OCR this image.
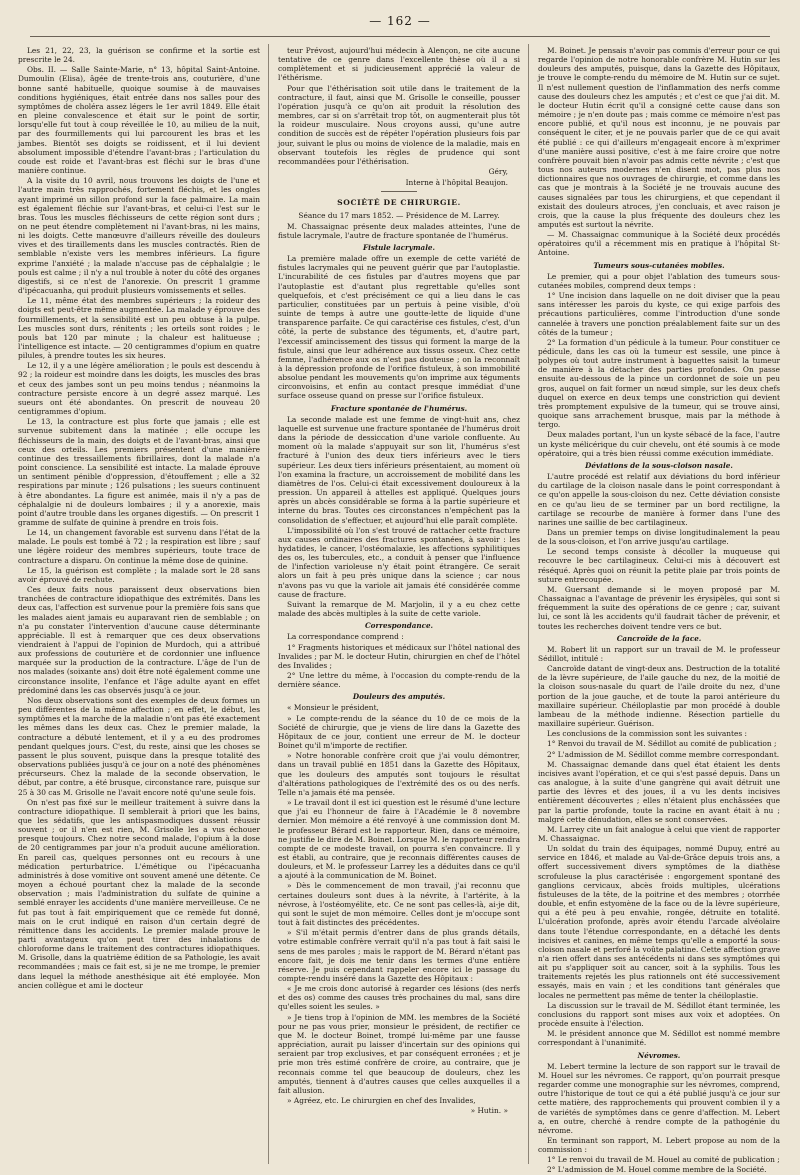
— 162 —

Les 21, 22, 23, la guérison se confirme et la sortie est prescrite le 24.

Obs. II. — Salle Sainte-Marie, n° 13, hôpital Saint-Antoine. Dumoulin (Elisa), âgée de trente-trois ans, couturière, d'une bonne santé habituelle, quoique soumise à de mauvaises conditions hygiéniques, était entrée dans nos salles pour des symptômes de choléra assez légers le 1er avril 1849. Elle était en pleine convalescence et était sur le point de sortir, lorsqu'elle fut tout à coup réveillée le 10, au milieu de la nuit, par des fourmillements qui lui parcourent les bras et les jambes. Bientôt ses doigts se roidissent, et il lui devient absolument impossible d'étendre l'avant-bras ; l'articulation du coude est roide et l'avant-bras est fléchi sur le bras d'une manière continue.

A la visite du 10 avril, nous trouvons les doigts de l'une et l'autre main très rapprochés, fortement fléchis, et les ongles ayant imprimé un sillon profond sur la face palmaire. La main est également fléchie sur l'avant-bras, et celui-ci l'est sur le bras. Tous les muscles fléchisseurs de cette région sont durs ; on ne peut étendre complètement ni l'avant-bras, ni les mains, ni les doigts. Cette manœuvre d'ailleurs réveille des douleurs vives et des tiraillements dans les muscles contractés. Rien de semblable n'existe vers les membres inférieurs. La figure exprime l'anxiété ; la malade n'accuse pas de céphalalgie ; le pouls est calme ; il n'y a nul trouble à noter du côté des organes digestifs, si ce n'est de l'anorexie. On prescrit 1 gramme d'ipécacuanha, qui produit plusieurs vomissements et selles.

Le 11, même état des membres supérieurs ; la roideur des doigts est peut-être même augmentée. La malade y éprouve des fourmillements, et la sensibilité est un peu obtuse à la pulpe. Les muscles sont durs, rénitents ; les orteils sont roides ; le pouls bat 120 par minute ; la chaleur est halitueuse ; l'intelligence est intacte. — 20 centigrammes d'opium en quatre pilules, à prendre toutes les six heures.

Le 12, il y a une légère amélioration ; le pouls est descendu à 92 ; la roideur est moindre dans les doigts, les muscles des bras et ceux des jambes sont un peu moins tendus ; néanmoins la contracture persiste encore à un degré assez marqué. Les sueurs ont été abondantes. On prescrit de nouveau 20 centigrammes d'opium.

Le 13, la contracture est plus forte que jamais ; elle est survenue subitement dans la matinée ; elle occupe les fléchisseurs de la main, des doigts et de l'avant-bras, ainsi que ceux des orteils. Les premiers présentent d'une manière continue des tressaillements fibrillaires, dont la malade n'a point conscience. La sensibilité est intacte. La malade éprouve un sentiment pénible d'oppression, d'étouffement ; elle a 32 respirations par minute ; 126 pulsations ; les sueurs continuent à être abondantes. La figure est animée, mais il n'y a pas de céphalalgie ni de douleurs lombaires ; il y a anorexie, mais point d'autre trouble dans les organes digestifs. — On prescrit 1 gramme de sulfate de quinine à prendre en trois fois.

Le 14, un changement favorable est survenu dans l'état de la malade. Le pouls est tombé à 72 ; la respiration est libre ; sauf une légère roideur des membres supérieurs, toute trace de contracture a disparu. On continue la même dose de quinine.

Le 15, la guérison est complète ; la malade sort le 28 sans avoir éprouvé de rechute.

Ces deux faits nous paraissent deux observations bien tranchées de contracture idiopathique des extrémités. Dans les deux cas, l'affection est survenue pour la première fois sans que les malades aient jamais eu auparavant rien de semblable ; on n'a pu constater l'intervention d'aucune cause déterminante appréciable. Il est à remarquer que ces deux observations viendraient à l'appui de l'opinion de Murdoch, qui a attribué aux professions de couturière et de cordonnier une influence marquée sur la production de la contracture. L'âge de l'un de nos malades (soixante ans) doit être noté également comme une circonstance insolite, l'enfance et l'âge adulte ayant en effet prédominé dans les cas observés jusqu'à ce jour.

Nos deux observations sont des exemples de deux formes un peu différentes de la même affection ; en effet, le début, les symptômes et la marche de la maladie n'ont pas été exactement les mêmes dans les deux cas. Chez le premier malade, la contracture a débuté lentement, et il y a eu des prodromes pendant quelques jours. C'est, du reste, ainsi que les choses se passent le plus souvent, puisque dans la presque totalité des observations publiées jusqu'à ce jour on a noté des phénomènes précurseurs. Chez la malade de la seconde observation, le début, par contre, a été brusque, circonstance rare, puisque sur 25 à 30 cas M. Grisolle ne l'avait encore noté qu'une seule fois.

On n'est pas fixé sur le meilleur traitement à suivre dans la contracture idiopathique. Il semblerait à priori que les bains, que les sédatifs, que les antispasmodiques dussent réussir souvent ; or il n'en est rien, M. Grisolle les a vus échouer presque toujours. Chez notre second malade, l'opium à la dose de 20 centigrammes par jour n'a produit aucune amélioration. En pareil cas, quelques personnes ont eu recours à une médication perturbatrice. L'émétique ou l'ipécacuanha administrés à dose vomitive ont souvent amené une détente. Ce moyen a échoué pourtant chez la malade de la seconde observation ; mais l'administration du sulfate de quinine a semblé enrayer les accidents d'une manière merveilleuse. Ce ne fut pas tout à fait empiriquement que ce remède fut donné, mais on le crut indiqué en raison d'un certain degré de rémittence dans les accidents. Le premier malade prouve le parti avantageux qu'on peut tirer des inhalations de chloroforme dans le traitement des contractures idiopathiques. M. Grisolle, dans la quatrième édition de sa Pathologie, les avait recommandées ; mais ce fait est, si je ne me trompe, le premier dans lequel la méthode anesthésique ait été employée. Mon ancien collègue et ami le docteur

teur Prévost, aujourd'hui médecin à Alençon, ne cite aucune tentative de ce genre dans l'excellente thèse où il a si complètement et si judicieusement apprécié la valeur de l'éthérisme.

Pour que l'éthérisation soit utile dans le traitement de la contracture, il faut, ainsi que M. Grisolle le conseille, pousser l'opération jusqu'à ce qu'on ait produit la résolution des membres, car si on s'arrêtait trop tôt, on augmenterait plus tôt la roideur musculaire. Nous croyons aussi, qu'une autre condition de succès est de répéter l'opération plusieurs fois par jour, suivant le plus ou moins de violence de la maladie, mais en observant toutefois les règles de prudence qui sont recommandées pour l'éthérisation.

Géry,
Interne à l'hôpital Beaujon.
SOCIÉTÉ DE CHIRURGIE.
Séance du 17 mars 1852. — Présidence de M. Larrey.

M. Chassaignac présente deux malades atteintes, l'une de fistule lacrymale, l'autre de fracture spontanée de l'humérus.

Fistule lacrymale.

La première malade offre un exemple de cette variété de fistules lacrymales qui ne peuvent guérir que par l'autoplastie. L'incurabilité de ces fistules par d'autres moyens que par l'autoplastie est d'autant plus regrettable qu'elles sont quelquefois, et c'est précisément ce qui a lieu dans le cas particulier, constituées par un pertuis à peine visible, d'où suinte de temps à autre une goutte-lette de liquide d'une transparence parfaite. Ce qui caractérise ces fistules, c'est, d'un côté, la perte de substance des téguments, et, d'autre part, l'excessif amincissement des tissus qui forment la marge de la fistule, ainsi que leur adhérence aux tissus osseux. Chez cette femme, l'adhérence aux os n'est pas douteuse ; on la reconnaît à la dépression profonde de l'orifice fistuleux, à son immobilité absolue pendant les mouvements qu'on imprime aux téguments circonvoisins, et enfin au contact presque immédiat d'une surface osseuse quand on presse sur l'orifice fistuleux.

Fracture spontanée de l'humérus.

La seconde malade est une femme de vingt-huit ans, chez laquelle est survenue une fracture spontanée de l'humérus droit dans la période de dessiccation d'une variole confluente. Au moment où la malade s'appuyait sur son lit, l'humérus s'est fracturé à l'union des deux tiers inférieurs avec le tiers supérieur. Les deux tiers inférieurs présentaient, au moment où l'on examina la fracture, un accroissement de mobilité dans les diamètres de l'os. Celui-ci était excessivement douloureux à la pression. Un appareil à attelles est appliqué. Quelques jours après un abcès considérable se forma à la partie supérieure et interne du bras. Toutes ces circonstances n'empêchent pas la consolidation de s'effectuer, et aujourd'hui elle paraît complète.

L'impossibilité où l'on s'est trouvé de rattacher cette fracture aux causes ordinaires des fractures spontanées, à savoir : les hydatides, le cancer, l'ostéomalaxie, les affections syphilitiques des os, les tubercules, etc., a conduit à penser que l'influence de l'infection varioleuse n'y était point étrangère. Ce serait alors un fait à peu près unique dans la science ; car nous n'avons pas vu que la variole ait jamais été considérée comme cause de fracture.

Suivant la remarque de M. Marjolin, il y a eu chez cette malade des abcès multiples à la suite de cette variole.

Correspondance.

La correspondance comprend :

1° Fragments historiques et médicaux sur l'hôtel national des Invalides ; par M. le docteur Hutin, chirurgien en chef de l'hôtel des Invalides ;

2° Une lettre du même, à l'occasion du compte-rendu de la dernière séance.

Douleurs des amputés.

« Monsieur le président,

» Le compte-rendu de la séance du 10 de ce mois de la Société de chirurgie, que je viens de lire dans la Gazette des Hôpitaux de ce jour, contient une erreur de M. le docteur Boinet qu'il m'importe de rectifier.

» Notre honorable confrère croit que j'ai voulu démontrer, dans un travail publié en 1851 dans la Gazette des Hôpitaux, que les douleurs des amputés sont toujours le résultat d'altérations pathologiques de l'extrémité des os ou des nerfs. Telle n'a jamais été ma pensée.

» Le travail dont il est ici question est le résumé d'une lecture que j'ai eu l'honneur de faire à l'Académie le 8 novembre dernier. Mon mémoire a été renvoyé à une commission dont M. le professeur Bérard est le rapporteur. Rien, dans ce mémoire, ne justifie le dire de M. Boinet. Lorsque M. le rapporteur rendra compte de ce modeste travail, on pourra s'en convaincre. Il y est établi, au contraire, que je reconnais différentes causes de douleurs, et M. le professeur Larrey les a déduites dans ce qu'il a ajouté à la communication de M. Boinet.

» Dès le commencement de mon travail, j'ai reconnu que certaines douleurs sont dues à la névrite, à l'artérite, à la névrose, à l'ostéomyélite, etc. Ce ne sont pas celles-là, ai-je dit, qui sont le sujet de mon mémoire. Celles dont je m'occupe sont tout à fait distinctes des précédentes.

» S'il m'était permis d'entrer dans de plus grands détails, votre estimable confrère verrait qu'il n'a pas tout à fait saisi le sens de mes paroles ; mais le rapport de M. Bérard n'étant pas encore fait, je dois me tenir dans les termes d'une entière réserve. Je puis cependant rappeler encore ici le passage du compte-rendu inséré dans la Gazette des Hôpitaux :

« Je me crois donc autorisé à regarder ces lésions (des nerfs et des os) comme des causes très prochaines du mal, sans dire qu'elles soient les seules. »

» Je tiens trop à l'opinion de MM. les membres de la Société pour ne pas vous prier, monsieur le président, de rectifier ce que M. le docteur Boinet, trompé lui-même par une fausse appréciation, aurait pu laisser d'incertain sur des opinions qui seraient par trop exclusives, et par conséquent erronées ; et je prie mon très estimé confrère de croire, au contraire, que je reconnais comme tel que beaucoup de douleurs, chez les amputés, tiennent à d'autres causes que celles auxquelles il a fait allusion.

» Agréez, etc. Le chirurgien en chef des Invalides,

» Hutin. »

M. Boinet. Je pensais n'avoir pas commis d'erreur pour ce qui regarde l'opinion de notre honorable confrère M. Hutin sur les douleurs des amputés, puisque, dans la Gazette des Hôpitaux, je trouve le compte-rendu du mémoire de M. Hutin sur ce sujet. Il n'est nullement question de l'inflammation des nerfs comme cause des douleurs chez les amputés ; et c'est ce que j'ai dit. M. le docteur Hutin écrit qu'il a consigné cette cause dans son mémoire ; je n'en doute pas ; mais comme ce mémoire n'est pas encore publié, et qu'il nous est inconnu, je ne pouvais par conséquent le citer, et je ne pouvais parler que de ce qui avait été publié : ce qui d'ailleurs m'engageait encore à m'exprimer d'une manière aussi positive, c'est à me faire croire que notre confrère pouvait bien n'avoir pas admis cette névrite ; c'est que tous nos auteurs modernes n'en disent mot, pas plus nos dictionnaires que nos ouvrages de chirurgie, et comme dans les cas que je montrais à la Société je ne trouvais aucune des causes signalées par tous les chirurgiens, et que cependant il existait des douleurs atroces, j'en concluais, et avec raison je crois, que la cause la plus fréquente des douleurs chez les amputés est surtout la névrite.

— M. Chassaignac communique à la Société deux procédés opératoires qu'il a récemment mis en pratique à l'hôpital St-Antoine.

Tumeurs sous-cutanées mobiles.

Le premier, qui a pour objet l'ablation des tumeurs sous-cutanées mobiles, comprend deux temps :

1° Une incision dans laquelle on ne doit diviser que la peau sans intéresser les parois du kyste, ce qui exige parfois des précautions particulières, comme l'introduction d'une sonde cannelée à travers une ponction préalablement faite sur un des côtés de la tumeur ;

2° La formation d'un pédicule à la tumeur. Pour constituer ce pédicule, dans les cas où la tumeur est sessile, une pince à polypes où tout autre instrument à baguettes saisit la tumeur de manière à la détacher des parties profondes. On passe ensuite au-dessous de la pince un cordonnet de soie un peu gros, auquel on fait former un nœud simple, sur les deux chefs duquel on exerce en deux temps une constriction qui devient très promptement expulsive de la tumeur, qui se trouve ainsi, quoique sans arrachement brusque, mais par la méthode à tergo.

Deux malades portant, l'un un kyste sébacé de la face, l'autre un kyste mélicérique du cuir chevelu, ont été soumis à ce mode opératoire, qui a très bien réussi comme exécution immédiate.

Déviations de la sous-cloison nasale.

L'autre procédé est relatif aux déviations du bord inférieur du cartilage de la cloison nasale dans le point correspondant à ce qu'on appelle la sous-cloison du nez. Cette déviation consiste en ce qu'au lieu de se terminer par un bord rectiligne, la cartilage se recourbe de manière à former dans l'une des narines une saillie de bec cartilagineux.

Dans un premier temps on divise longitudinalement la peau de la sous-cloison, et l'on arrive jusqu'au cartilage.

Le second temps consiste à décoller la muqueuse qui recouvre le bec cartilagineux. Celui-ci mis à découvert est réséqué. Après quoi on réunit la petite plaie par trois points de suture entrecoupée.

M. Guersant demande si le moyen proposé par M. Chassaignac a l'avantage de prévenir les érysipèles, qui sont si fréquemment la suite des opérations de ce genre ; car, suivant lui, ce sont là les accidents qu'il faudrait tâcher de prévenir, et toutes les recherches doivent tendre vers ce but.

Cancroïde de la face.

M. Robert lit un rapport sur un travail de M. le professeur Sédillot, intitulé :

Cancroïde datant de vingt-deux ans. Destruction de la totalité de la lèvre supérieure, de l'aile gauche du nez, de la moitié de la cloison sous-nasale du quart de l'aile droite du nez, d'une portion de la joue gauche, et de toute la paroi antérieure du maxillaire supérieur. Chéiloplastie par mon procédé à double lambeau de la méthode indienne. Résection partielle du maxillaire supérieur. Guérison.

Les conclusions de la commission sont les suivantes :

1° Renvoi du travail de M. Sédillot au comité de publication ;

2° L'admission de M. Sédillot comme membre correspondant.

M. Chassaignac demande dans quel état étaient les dents incisives avant l'opération, et ce qui s'est passé depuis. Dans un cas analogue, à la suite d'une gangrène qui avait détruit une partie des lèvres et des joues, il a vu les dents incisives entièrement découvertes ; elles n'étaient plus enchâssées que par la partie profonde, toute la racine en avant était à nu ; malgré cette dénudation, elles se sont conservées.

M. Larrey cite un fait analogue à celui que vient de rapporter M. Chassaignac.

Un soldat du train des équipages, nommé Dupuy, entré au service en 1846, et malade au Val-de-Grâce depuis trois ans, a offert successivement divers symptômes de la diathèse scrofuleuse la plus caractérisée : engorgement spontané des ganglions cervicaux, abcès froids multiples, ulcérations fistuleuses de la tête, de la poitrine et des membres ; otorrhée double, et enfin estyomène de la face ou de la lèvre supérieure, qui a été peu à peu envahie, rongée, détruite en totalité. L'ulcération profonde, après avoir étendu l'arcade alvéolaire dans toute l'étendue correspondante, en a détaché les dents incisives et canines, en même temps qu'elle a emporté la sous-cloison nasale et perforé la voûte palatine. Cette affection grave n'a rien offert dans ses antécédents ni dans ses symptômes qui ait pu s'appliquer soit au cancer, soit à la syphilis. Tous les traitements rejetés les plus rationnels ont été successivement essayés, mais en vain ; et les conditions tant générales que locales ne permettent pas même de tenter la chéiloplastie.

La discussion sur le travail de M. Sédillot étant terminée, les conclusions du rapport sont mises aux voix et adoptées. On procède ensuite à l'élection.

M. le président annonce que M. Sédillot est nommé membre correspondant à l'unanimité.

Névromes.

M. Lebert termine la lecture de son rapport sur le travail de M. Houel sur les névromes. Ce rapport, qu'on pourrait presque regarder comme une monographie sur les névromes, comprend, outre l'historique de tout ce qui a été publié jusqu'à ce jour sur cette matière, des rapprochements qui prouvent combien il y a de variétés de symptômes dans ce genre d'affection. M. Lebert a, en outre, cherché à rendre compte de la pathogénie du névrome.

En terminant son rapport, M. Lebert propose au nom de la commission :

1° Le renvoi du travail de M. Houel au comité de publication ;

2° L'admission de M. Houel comme membre de la Société.
